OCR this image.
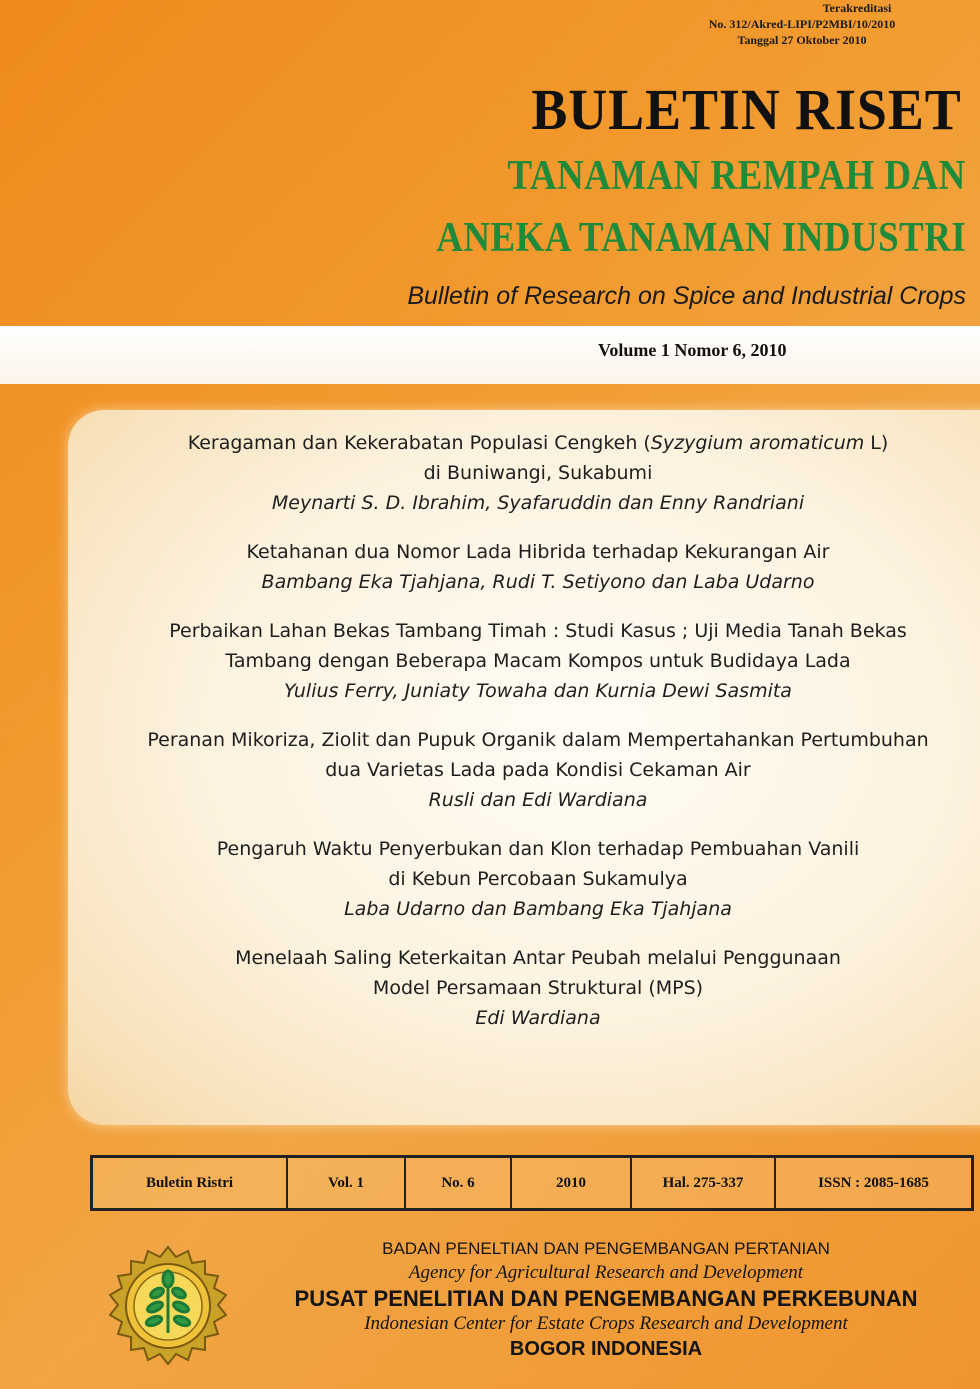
Terakreditasi
No. 312/Akred-LIPI/P2MBI/10/2010
Tanggal 27 Oktober 2010
BULETIN RISET
TANAMAN REMPAH DAN
ANEKA TANAMAN INDUSTRI
Bulletin of Research on Spice and Industrial Crops
Volume 1 Nomor 6, 2010
Keragaman dan Kekerabatan Populasi Cengkeh (Syzygium aromaticum L)
di Buniwangi, Sukabumi
Meynarti S. D. Ibrahim, Syafaruddin dan Enny Randriani
Ketahanan dua Nomor Lada Hibrida terhadap Kekurangan Air
Bambang Eka Tjahjana, Rudi T. Setiyono dan Laba Udarno
Perbaikan Lahan Bekas Tambang Timah : Studi Kasus ; Uji Media Tanah Bekas
Tambang dengan Beberapa Macam Kompos untuk Budidaya Lada
Yulius Ferry, Juniaty Towaha dan Kurnia Dewi Sasmita
Peranan Mikoriza, Ziolit dan Pupuk Organik dalam Mempertahankan Pertumbuhan
dua Varietas Lada pada Kondisi Cekaman Air
Rusli dan Edi Wardiana
Pengaruh Waktu Penyerbukan dan Klon terhadap Pembuahan Vanili
di Kebun Percobaan Sukamulya
Laba Udarno dan Bambang Eka Tjahjana
Menelaah Saling Keterkaitan Antar Peubah melalui Penggunaan
Model Persamaan Struktural (MPS)
Edi Wardiana
Buletin Ristri	Vol. 1	No. 6	2010	Hal. 275-337	ISSN : 2085-1685
BADAN PENELTIAN DAN PENGEMBANGAN PERTANIAN
Agency for Agricultural Research and Development
PUSAT PENELITIAN DAN PENGEMBANGAN PERKEBUNAN
Indonesian Center for Estate Crops Research and Development
BOGOR INDONESIA
